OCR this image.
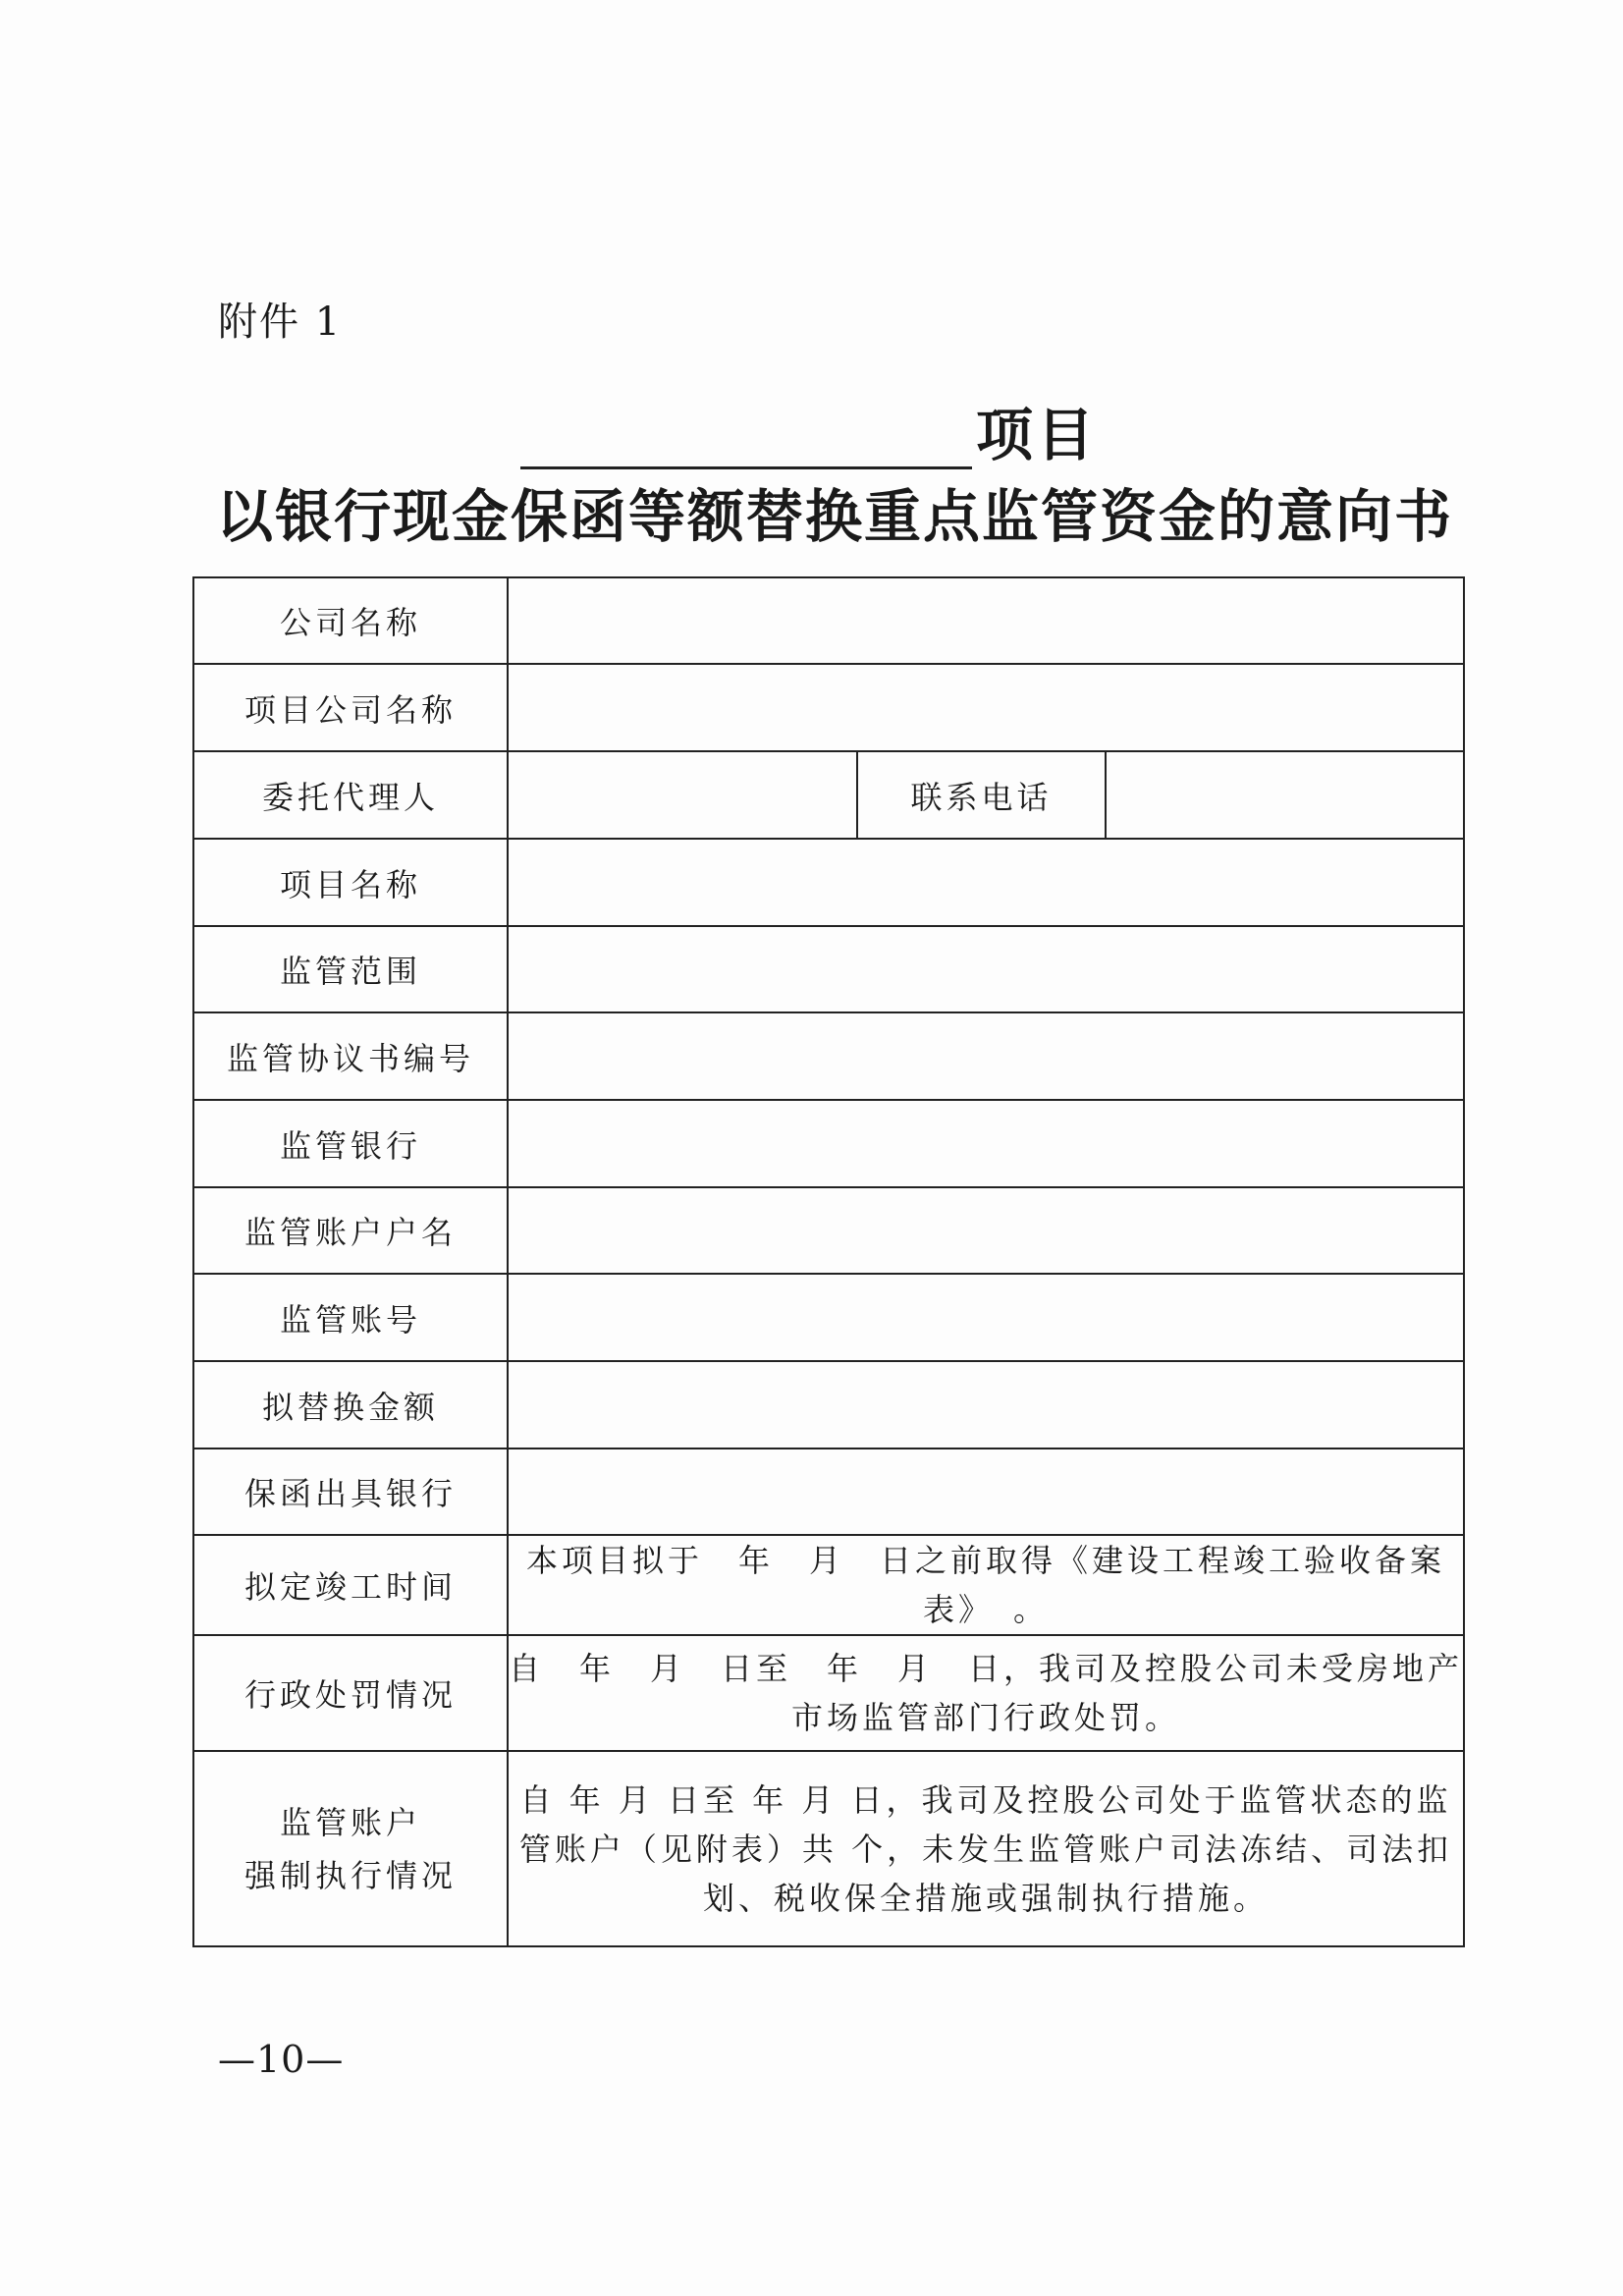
附件 1
项目
以银行现金保函等额替换重点监管资金的意向书
公司名称			
项目公司名称			
委托代理人		联系电话	
项目名称			
监管范围			
监管协议书编号			
监管银行			
监管账户户名			
监管账号			
拟替换金额			
保函出具银行			
拟定竣工时间	本项目拟于　年　月　日之前取得《建设工程竣工验收备案表》　。		
行政处罚情况	自　年　月　日至　年　月　日，我司及控股公司未受房地产市场监管部门行政处罚。		

监管账户
强制执行情况	自 年 月 日至 年 月 日，我司及控股公司处于监管状态的监管账户（见附表）共 个，未发生监管账户司法冻结、司法扣划、税收保全措施或强制执行措施。		
—10—
